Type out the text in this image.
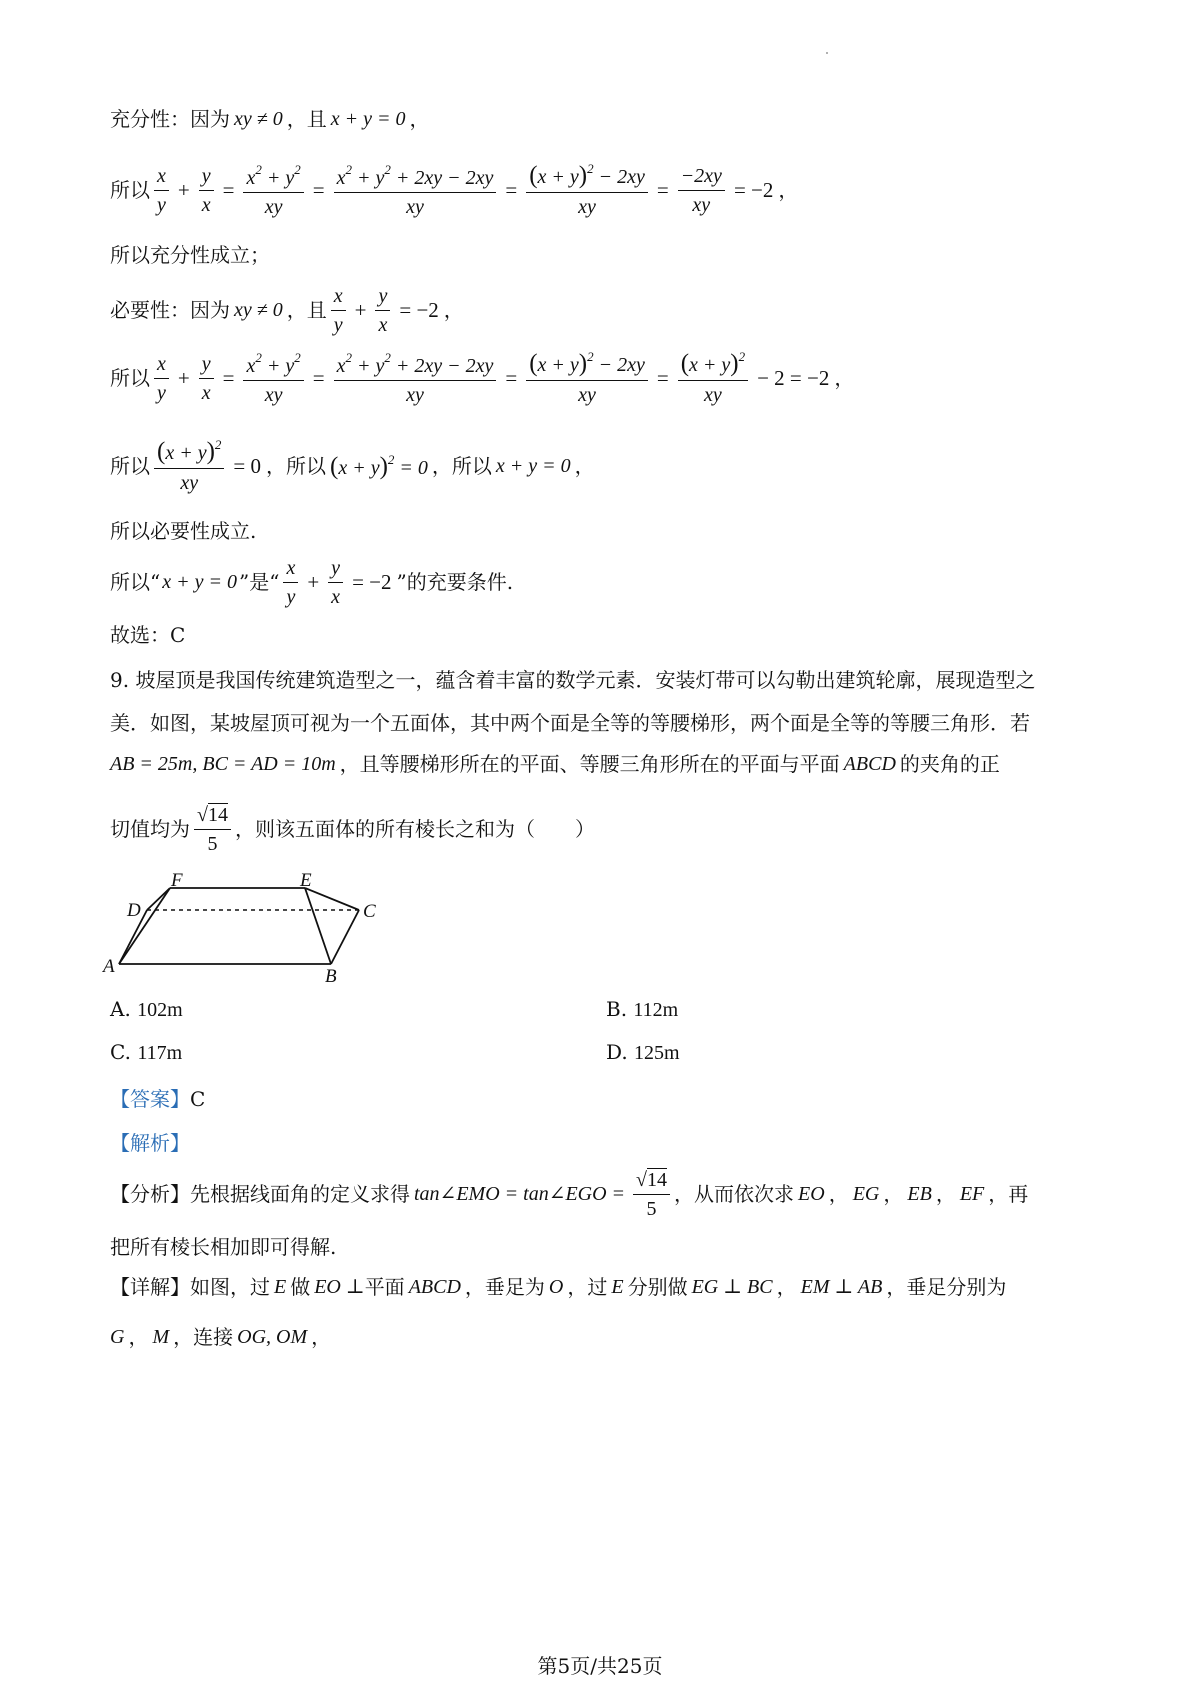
充分性：因为 xy ≠ 0 ，且 x + y = 0 ，
所以 $\frac{x}{y} + \frac{y}{x} = \frac{x^2 + y^2}{xy} = \frac{x^2 + y^2 + 2xy - 2xy}{xy} = \frac{(x + y)^2 - 2xy}{xy} = \frac{-2xy}{xy} = -2$ ，
所以充分性成立；
必要性：因为 xy ≠ 0 ，且 $\frac{x}{y} + \frac{y}{x} = -2$ ，
所以 $\frac{x}{y} + \frac{y}{x} = \frac{x^2 + y^2}{xy} = \frac{x^2 + y^2 + 2xy - 2xy}{xy} = \frac{(x + y)^2 - 2xy}{xy} = \frac{(x + y)^2}{xy} - 2 = -2$ ，
所以 $\frac{(x + y)^2}{xy} = 0$ ，所以 $(x + y)^2 = 0$ ，所以 x + y = 0 ，
所以必要性成立.
所以“ x + y = 0 ”是“ $\frac{x}{y} + \frac{y}{x} = -2$ ”的充要条件.
故选：C
9. 坡屋顶是我国传统建筑造型之一，蕴含着丰富的数学元素．安装灯带可以勾勒出建筑轮廓，展现造型之
美．如图，某坡屋顶可视为一个五面体，其中两个面是全等的等腰梯形，两个面是全等的等腰三角形．若
AB = 25m, BC = AD = 10m ，且等腰梯形所在的平面、等腰三角形所在的平面与平面 ABCD 的夹角的正
切值均为 $\frac{√14}{5}$ ，则该五面体的所有棱长之和为（　　）
A	B
C
D
E
F
A. 102m	B. 112m
C. 117m	D. 125m
【答案】 C
【解析】
【分析】 先根据线面角的定义求得 tan∠EMO = tan∠EGO = $\frac{√14}{5}$ ，从而依次求 EO ， EG ， EB ， EF ，再
把所有棱长相加即可得解.
【详解】 如图，过 E 做 EO ⊥ 平面 ABCD ，垂足为 O ，过 E 分别做 EG ⊥ BC ， EM ⊥ AB ，垂足分别为
G ， M ，连接 OG, OM ，
第5页/共25页
